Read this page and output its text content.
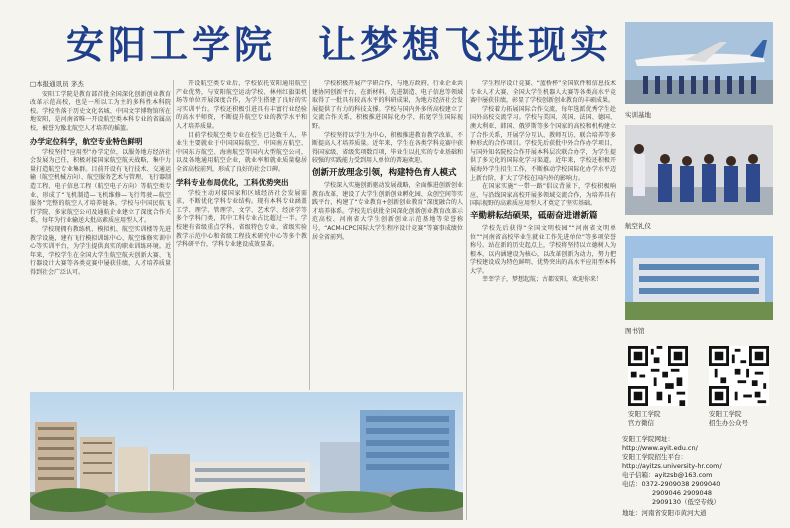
安阳工学院 让梦想飞进现实
□本报通讯员 茅杰

安阳工学院是教育部首批全国深化创新创业教育改革示范高校，也是一所以工为主的多科性本科院校。学校坐落于历史文化名城、中国文字博物馆所在地安阳，是河南省唯一开设航空类本科专业的省属高校，被誉为豫北航空人才培养的摇篮。

办学定位科学，航空专业特色鲜明

学校坚持“应用型”办学定位，以服务地方经济社会发展为己任，积极对接国家航空航天战略，集中力量打造航空专业集群。目前开设有飞行技术、交通运输（航空机械方向）、航空服务艺术与管理、飞行器制造工程、电子信息工程（航空电子方向）等航空类专业，形成了“飞机制造—飞机维修—飞行驾驶—航空服务”完整的航空人才培养链条。学校与中国民航飞行学院、多家航空公司及通航企业建立了深度合作关系，每年为行业输送大批高素质应用型人才。

学校现拥有教练机、模拟机、航空实训楼等先进教学设施，建有飞行模拟训练中心、航空维修实训中心等实训平台，为学生提供真实的职业训练环境。近年来，学校学生在全国大学生航空航天创新大赛、飞行器设计大赛等各类竞赛中屡获佳绩，人才培养质量得到社会广泛认可。

开设航空类专业后，学校依托安阳通用航空产业优势，与安阳航空运动学校、林州红旗渠机场等单位开展深度合作，为学生搭建了良好的实习实训平台。学校还积极引进具有丰富行业经验的高水平师资，不断提升航空专业的教学水平和人才培养质量。

目前学校航空类专业在校生已达数千人，毕业生主要就业于中国国际航空、中国南方航空、中国东方航空、海南航空等国内大型航空公司，以及各地通用航空企业，就业率和就业质量稳居全省高校前列，形成了良好的社会口碑。

学科专业布局优化，工科优势突出

学校主动对接国家和区域经济社会发展需求，不断优化学科专业结构。现有本科专业涵盖工学、理学、管理学、文学、艺术学、经济学等多个学科门类，其中工科专业占比超过一半。学校建有省级重点学科、省级特色专业、省级实验教学示范中心和省级工程技术研究中心等多个教学科研平台，学科专业建设成效显著。

学校积极开展产学研合作，与地方政府、行业企业共建协同创新平台，在新材料、先进制造、电子信息等领域取得了一批具有较高水平的科研成果，为地方经济社会发展提供了有力的科技支撑。学校与国内外多所高校建立了交流合作关系，积极推进国际化办学，拓宽学生国际视野。

学校坚持以学生为中心，积极推进教育教学改革，不断提高人才培养质量。近年来，学生在各类学科竞赛中获得国家级、省级奖项数百项，毕业生以扎实的专业基础和较强的实践能力受到用人单位的普遍欢迎。

创新开放理念引领，构建特色育人模式

学校深入实施创新驱动发展战略，全面推进创新创业教育改革，建设了大学生创新创业孵化园、众创空间等实践平台，构建了“专业教育+创新创业教育”深度融合的人才培养体系。学校先后获批全国深化创新创业教育改革示范高校、河南省大学生创新创业示范基地等荣誉称号，“ACM-ICPC国际大学生程序设计竞赛”等赛事成绩位居全省前列。

学生程序设计竞赛、“蓝桥杯”全国软件和信息技术专业人才大赛、全国大学生机器人大赛等各类高水平竞赛中屡获佳绩，彰显了学校创新创业教育的丰硕成果。

学校着力拓展国际合作交流，每年选派优秀学生赴国外高校交流学习。学校与美国、英国、法国、德国、澳大利亚、韩国、俄罗斯等多个国家的高校和机构建立了合作关系，开展学分互认、教师互访、联合培养等多种形式的合作项目。学校先后获批中外合作办学项目，与国外知名院校合作开展本科层次联合办学，为学生提供了多元化的国际化学习渠道。近年来，学校还积极开展海外学生招生工作，不断推动学校国际化办学水平迈上新台阶，扩大了学校在国内外的影响力。

在国家实施“一带一路”倡议背景下，学校积极响应，与沿线国家高校开展多领域交流合作，为培养具有国际视野的高素质应用型人才奠定了坚实基础。

辛勤耕耘结硕果，砥砺奋进谱新篇

学校先后获得“全国文明校园”“河南省文明单位”“河南省高校毕业生就业工作先进单位”等多项荣誉称号。站在新的历史起点上，学校将坚持以立德树人为根本，以内涵建设为核心，以改革创新为动力，努力把学校建设成为特色鲜明、优势突出的高水平应用型本科大学。

莘莘学子，梦想起航；古都安阳，欢迎你来！

实训基地
航空礼仪
图书馆
安阳工学院
官方微信
安阳工学院
招生办公众号
安阳工学院网址：
http://www.ayit.edu.cn/
安阳工学院招生平台：
http://ayitzs.university-hr.com/
电子信箱：ayitzsb@163.com
电话：0372-2909038 2909040
2909046 2909048
2909130（低空专线）
地址：河南省安阳市黄河大道
